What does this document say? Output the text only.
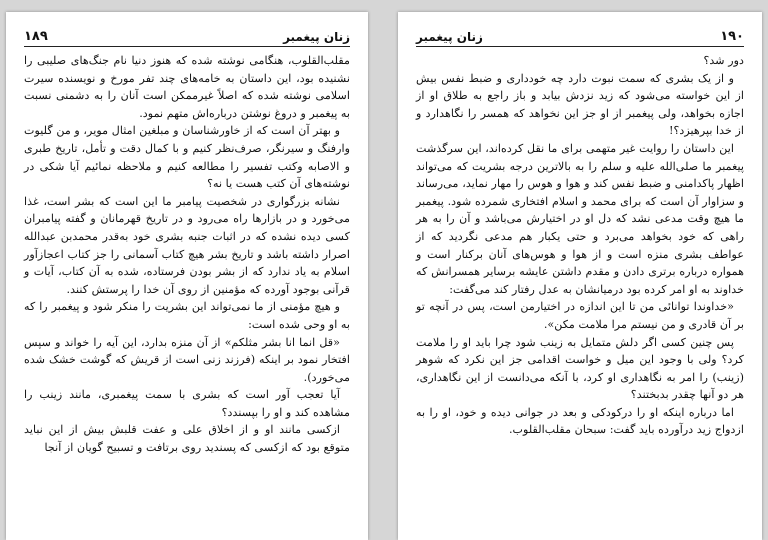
۱۸۹	زنان پیغمبر

مقلب‌القلوب، هنگامی نوشته شده که هنوز دنیا نام جنگ‌های صلیبی را نشنیده بود، این داستان به خامه‌های چند تفر مورخ و نویسنده سیرت اسلامی نوشته شده که اصلاً غیرممکن است آنان را به دشمنی نسبت به پیغمبر و دروغ نوشتن درباره‌اش متهم نمود.

و بهتر آن است که از خاورشناسان و مبلغین امثال مویر، و من گلیوت وارفنگ و سیرنگر، صرف‌نظر کنیم و با کمال دقت و تأمل، تاریخ طبری و الاصابه وکتب تفسیر را مطالعه کنیم و ملاحظه نمائیم آیا شکی در نوشته‌های آن کتب هست یا نه؟

نشانه بزرگواری در شخصیت پیامبر ما این است که بشر است، غذا می‌خورد و در بازارها راه می‌رود و در تاریخ قهرمانان و گفته پیامبران کسی دیده نشده که در اثبات جنبه بشری خود به‌قدر محمدبن عبدالله اصرار داشته باشد و تاریخ بشر هیچ کتاب آسمانی را جز کتاب اعجازآور اسلام به یاد ندارد که از بشر بودن فرستاده، شده به آن کتاب، آیات و قرآنی بوجود آورده که مؤمنین از روی آن خدا را پرستش کنند.

و هیچ مؤمنی از ما نمی‌تواند این بشریت را منکر شود و پیغمبر را که به او وحی شده است:

«قل انما انا بشر مثلکم» از آن منزه بدارد، این آیه را خواند و سپس افتخار نمود بر اینکه (فرزند زنی است از قریش که گوشت خشک شده می‌خورد).

آیا تعجب آور است که بشری با سمت پیغمبری، مانند زینب را مشاهده کند و او را بپسندد؟

ازکسی مانند او و از اخلاق علی و عفت قلبش بیش از این نباید متوقع بود که ازکسی که پسندید روی برتافت و تسبیح گویان از آنجا

زنان پیغمبر	۱۹۰

دور شد؟

و از یک بشری که سمت نبوت دارد چه خودداری و ضبط نفس بیش از این خواسته می‌شود که زید نزدش بیابد و باز راجع به طلاق او از اجازه بخواهد، ولی پیغمبر از او جز این نخواهد که همسر را نگاهدارد و از خدا بپرهیزد؟!

این داستان را روایت غیر متهمی برای ما نقل کرده‌اند، این سرگذشت پیغمبر ما صلی‌الله علیه و سلم را به بالاترین درجه بشریت که می‌تواند اظهار پاکدامنی و ضبط نفس کند و هوا و هوس را مهار نماید، می‌رساند و سزاوار آن است که برای محمد و اسلام افتخاری شمرده شود. پیغمبر ما هیچ وقت مدعی نشد که دل او در اختیارش می‌باشد و آن را به هر راهی که خود بخواهد می‌برد و حتی یکبار هم مدعی نگردید که از عواطف بشری منزه است و از هوا و هوس‌های آنان برکنار است و همواره درباره برتری دادن و مقدم داشتن عایشه برسایر همسرانش که خداوند به او امر کرده بود درمیانشان به عدل رفتار کند می‌گفت:

«خداوندا توانائی من تا این اندازه در اختیارمن است، پس در آنچه تو بر آن قادری و من نیستم مرا ملامت مکن».

پس چنین کسی اگر دلش متمایل به زینب شود چرا باید او را ملامت کرد؟ ولی با وجود این میل و خواست اقدامی جز این نکرد که شوهر (زینب) را امر به نگاهداری او کرد، با آنکه می‌دانست از این نگاهداری، هر دو آنها چقدر بدبختند؟

اما درباره اینکه او را درکودکی و بعد در جوانی دیده و خود، او را به ازدواج زید درآورده باید گفت: سبحان مقلب‌القلوب.
